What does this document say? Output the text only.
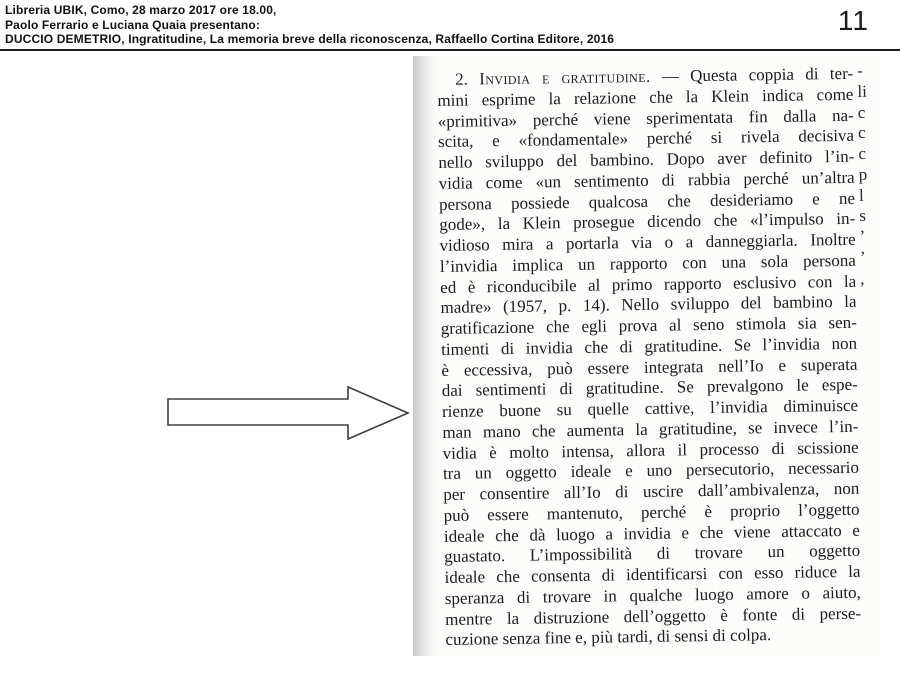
Libreria UBIK, Como, 28 marzo 2017 ore 18.00,
Paolo Ferrario e Luciana Quaia presentano:
DUCCIO DEMETRIO, Ingratitudine, La memoria breve della riconoscenza, Raffaello Cortina Editore, 2016
11
2. Invidia e gratitudine. — Questa coppia di ter-
mini esprime la relazione che la Klein indica come
«primitiva» perché viene sperimentata fin dalla na-
scita, e «fondamentale» perché si rivela decisiva
nello sviluppo del bambino. Dopo aver definito l’in-
vidia come «un sentimento di rabbia perché un’altra
persona possiede qualcosa che desideriamo e ne
gode», la Klein prosegue dicendo che «l’impulso in-
vidioso mira a portarla via o a danneggiarla. Inoltre
l’invidia implica un rapporto con una sola persona
ed è riconducibile al primo rapporto esclusivo con la
madre» (1957, p. 14). Nello sviluppo del bambino la
gratificazione che egli prova al seno stimola sia sen-
timenti di invidia che di gratitudine. Se l’invidia non
è eccessiva, può essere integrata nell’Io e superata
dai sentimenti di gratitudine. Se prevalgono le espe-
rienze buone su quelle cattive, l’invidia diminuisce
man mano che aumenta la gratitudine, se invece l’in-
vidia è molto intensa, allora il processo di scissione
tra un oggetto ideale e uno persecutorio, necessario
per consentire all’Io di uscire dall’ambivalenza, non
può essere mantenuto, perché è proprio l’oggetto
ideale che dà luogo a invidia e che viene attaccato e
guastato. L’impossibilità di trovare un oggetto
ideale che consenta di identificarsi con esso riduce la
speranza di trovare in qualche luogo amore o aiuto,
mentre la distruzione dell’oggetto è fonte di perse-
cuzione senza fine e, più tardi, di sensi di colpa.
-
li
c
c
c
p
l
s
’
’
,
